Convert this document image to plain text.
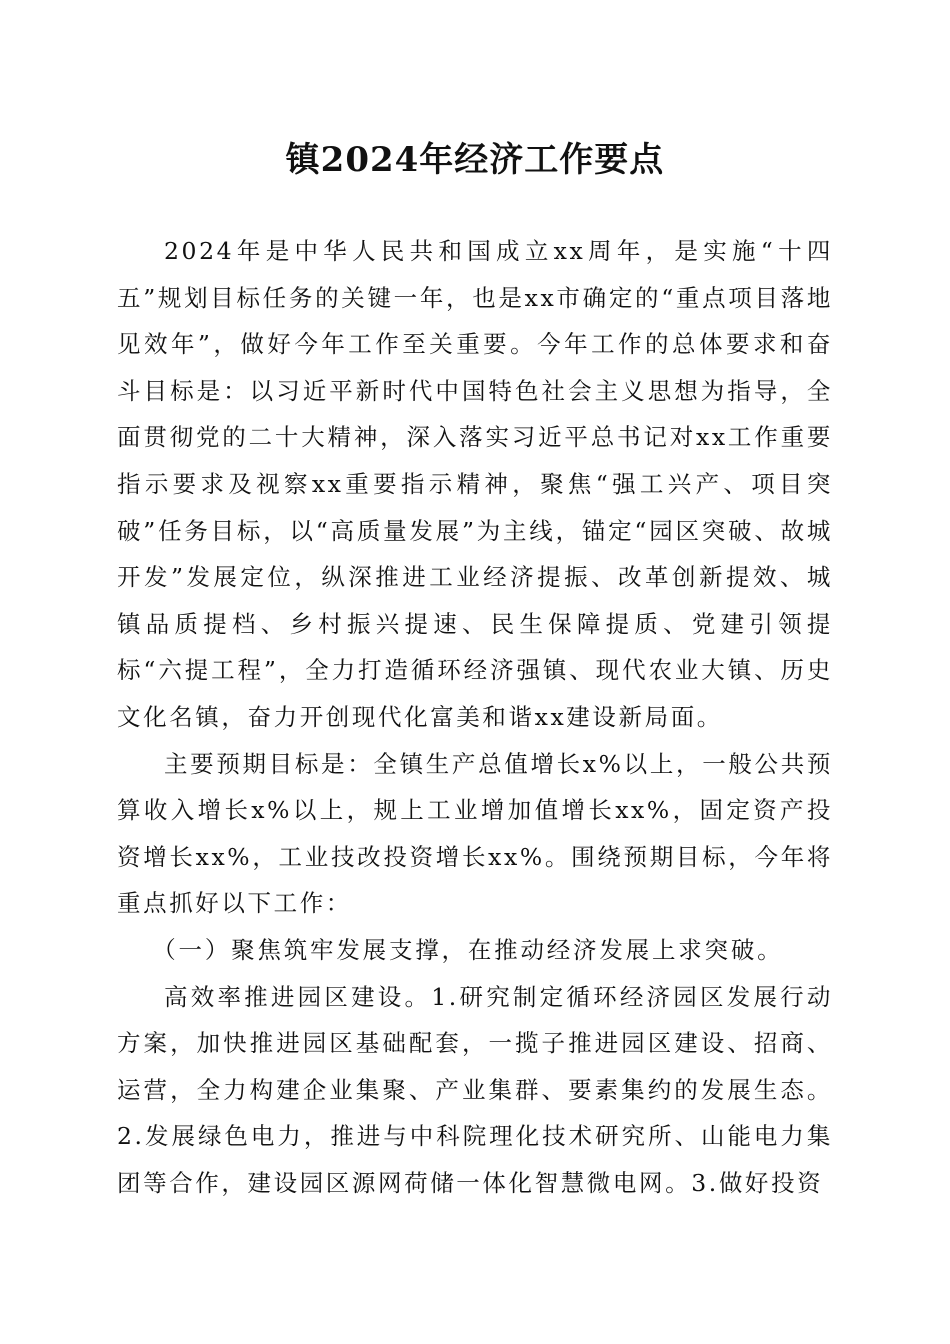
镇2024年经济工作要点

2024年是中华人民共和国成立xx周年，是实施“十四五”规划目标任务的关键一年，也是xx市确定的“重点项目落地见效年”，做好今年工作至关重要。今年工作的总体要求和奋斗目标是：以习近平新时代中国特色社会主义思想为指导，全面贯彻党的二十大精神，深入落实习近平总书记对xx工作重要指示要求及视察xx重要指示精神，聚焦“强工兴产、项目突破”任务目标，以“高质量发展”为主线，锚定“园区突破、故城开发”发展定位，纵深推进工业经济提振、改革创新提效、城镇品质提档、乡村振兴提速、民生保障提质、党建引领提标“六提工程”，全力打造循环经济强镇、现代农业大镇、历史文化名镇，奋力开创现代化富美和谐xx建设新局面。

主要预期目标是：全镇生产总值增长x%以上，一般公共预算收入增长x%以上，规上工业增加值增长xx%，固定资产投资增长xx%，工业技改投资增长xx%。围绕预期目标，今年将重点抓好以下工作：

（一）聚焦筑牢发展支撑，在推动经济发展上求突破。

高效率推进园区建设。1.研究制定循环经济园区发展行动方案，加快推进园区基础配套，一揽子推进园区建设、招商、运营，全力构建企业集聚、产业集群、要素集约的发展生态。2.发展绿色电力，推进与中科院理化技术研究所、山能电力集团等合作，建设园区源网荷储一体化智慧微电网。3.做好投资
